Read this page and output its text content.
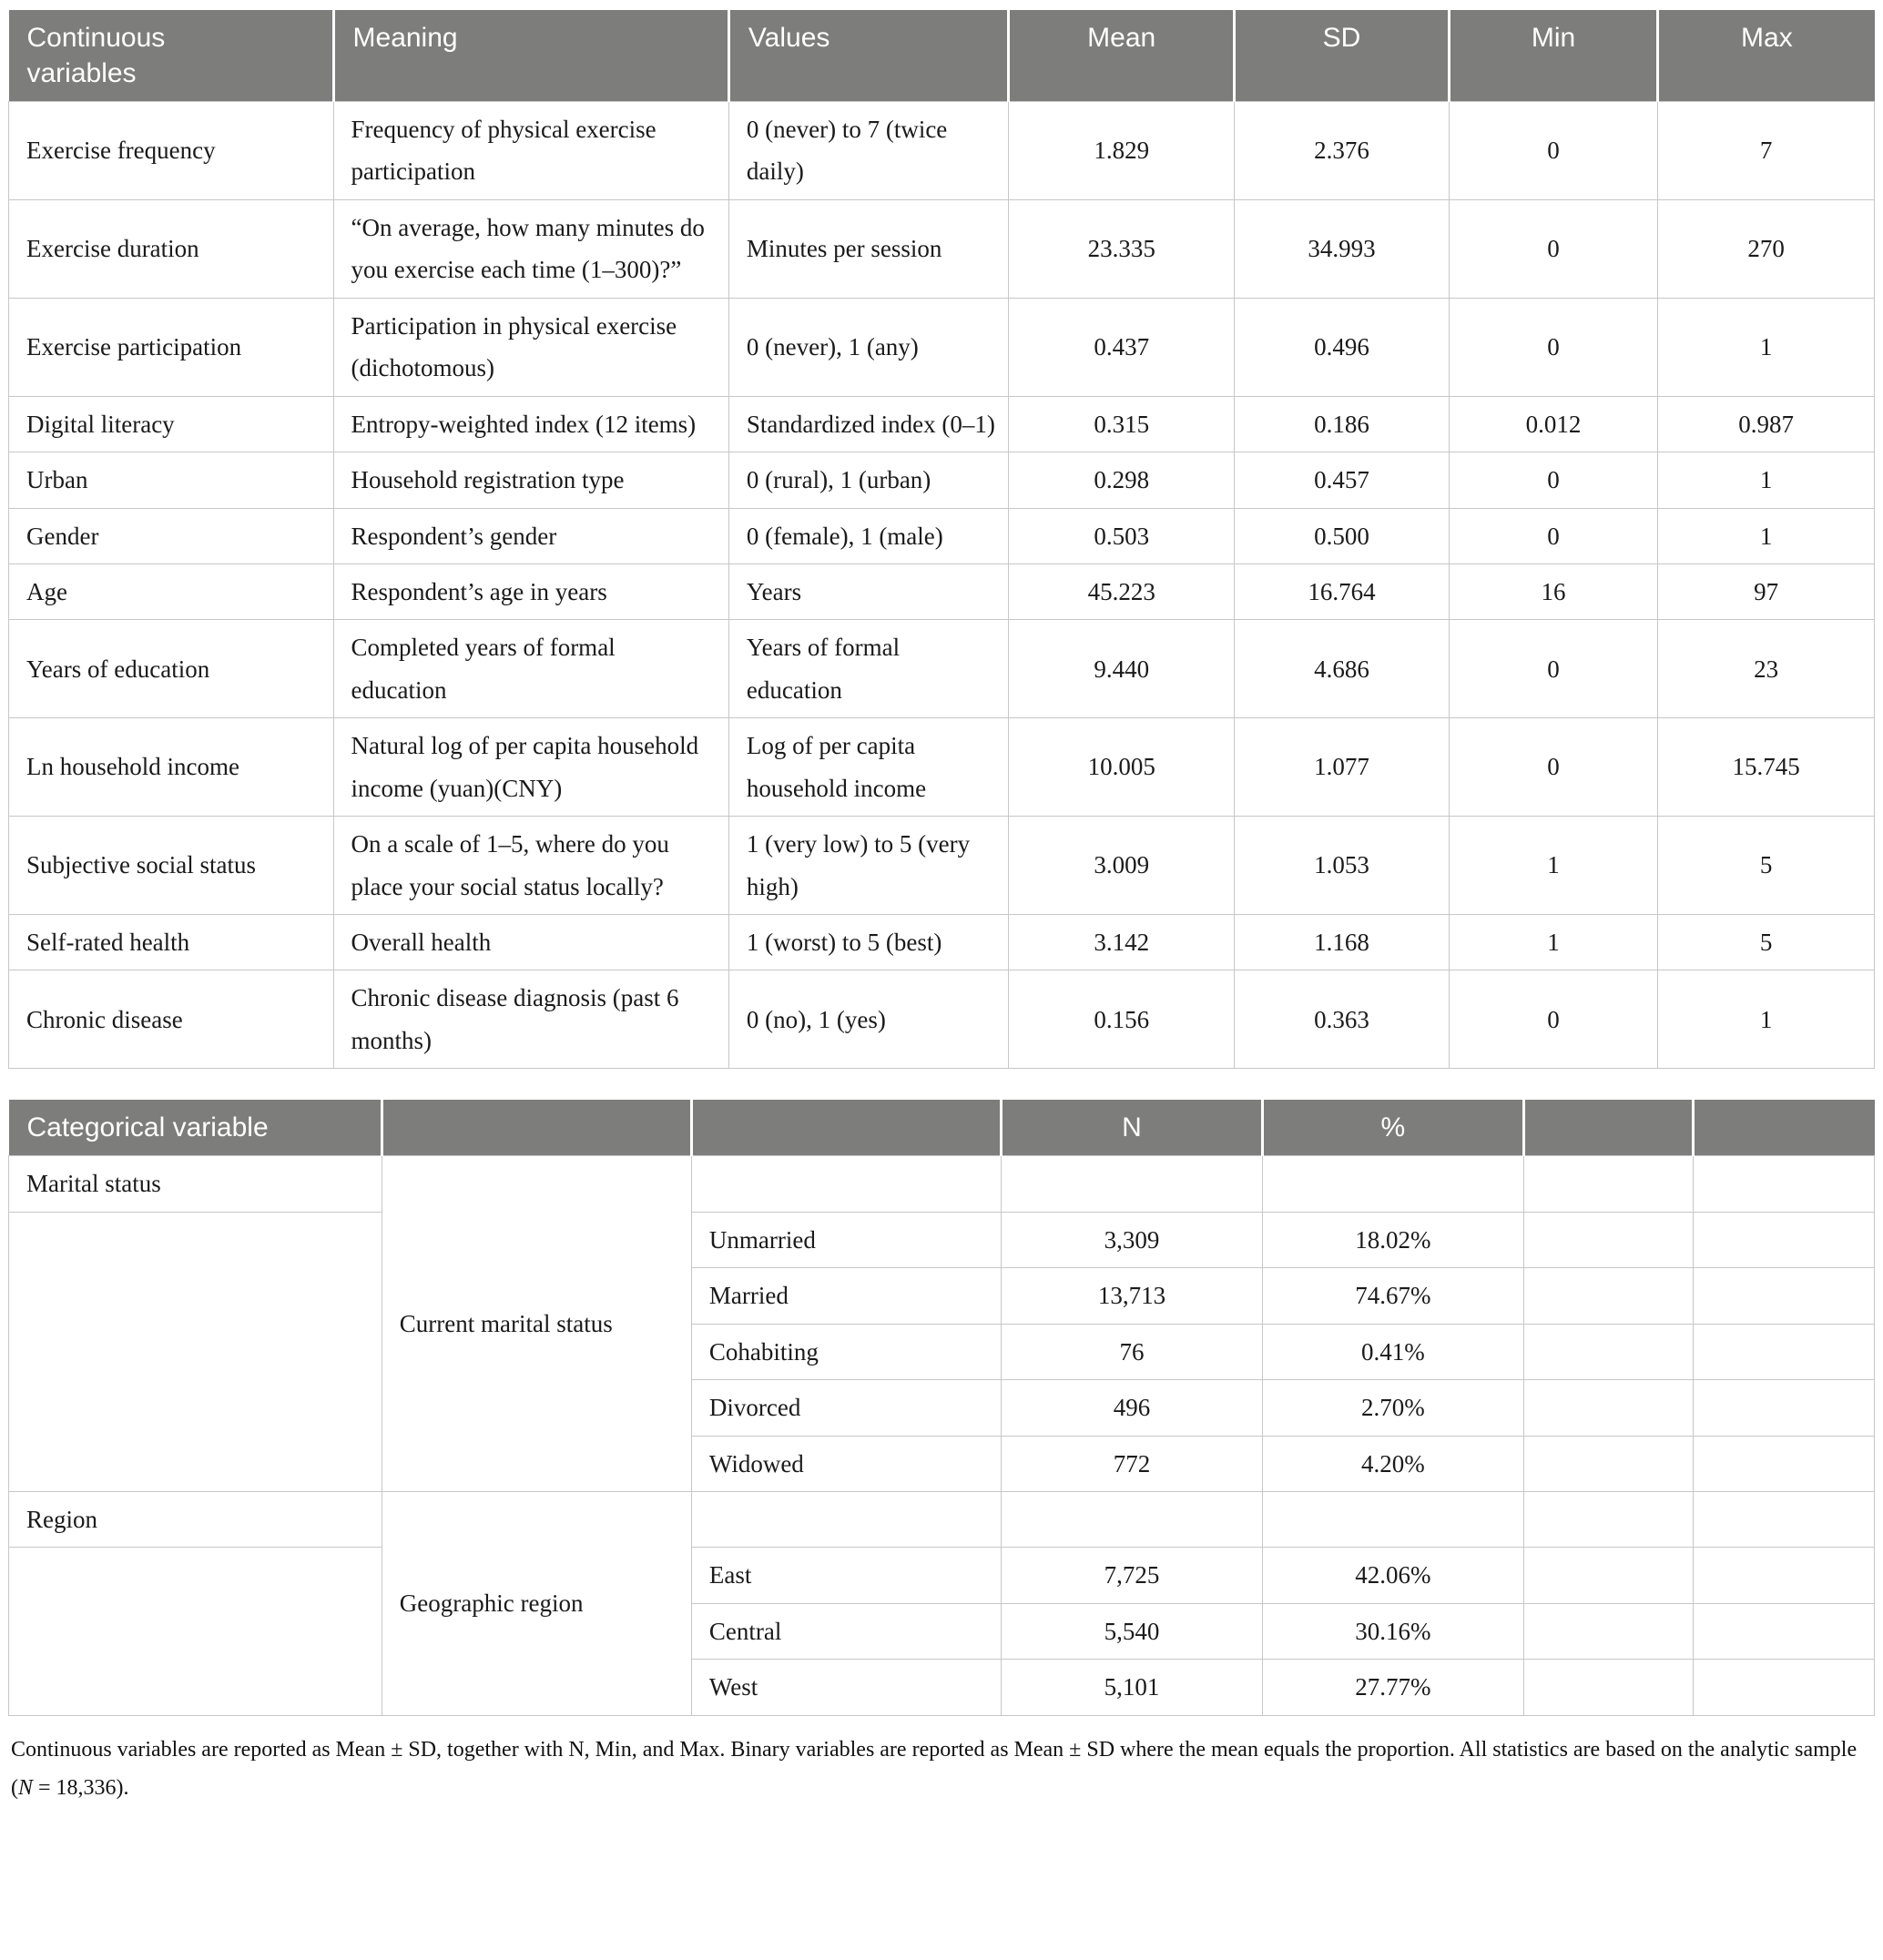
Continuous variables	Meaning	Values	Mean	SD	Min	Max
Exercise frequency	Frequency of physical exercise participation	0 (never) to 7 (twice daily)	1.829	2.376	0	7
Exercise duration	“On average, how many minutes do you exercise each time (1–300)?”	Minutes per session	23.335	34.993	0	270
Exercise participation	Participation in physical exercise (dichotomous)	0 (never), 1 (any)	0.437	0.496	0	1
Digital literacy	Entropy-weighted index (12 items)	Standardized index (0–1)	0.315	0.186	0.012	0.987
Urban	Household registration type	0 (rural), 1 (urban)	0.298	0.457	0	1
Gender	Respondent’s gender	0 (female), 1 (male)	0.503	0.500	0	1
Age	Respondent’s age in years	Years	45.223	16.764	16	97
Years of education	Completed years of formal education	Years of formal education	9.440	4.686	0	23
Ln household income	Natural log of per capita household income (yuan)(CNY)	Log of per capita household income	10.005	1.077	0	15.745
Subjective social status	On a scale of 1–5, where do you place your social status locally?	1 (very low) to 5 (very high)	3.009	1.053	1	5
Self-rated health	Overall health	1 (worst) to 5 (best)	3.142	1.168	1	5
Chronic disease	Chronic disease diagnosis (past 6 months)	0 (no), 1 (yes)	0.156	0.363	0	1
Categorical variable			N	%		
Marital status	Current marital status					
		Unmarried	3,309	18.02%		
		Married	13,713	74.67%		
		Cohabiting	76	0.41%		
		Divorced	496	2.70%		
		Widowed	772	4.20%		
Region	Geographic region					
		East	7,725	42.06%		
		Central	5,540	30.16%		
		West	5,101	27.77%		

Continuous variables are reported as Mean ± SD, together with N, Min, and Max. Binary variables are reported as Mean ± SD where the mean equals the proportion. All statistics are based on the analytic sample (N = 18,336).
